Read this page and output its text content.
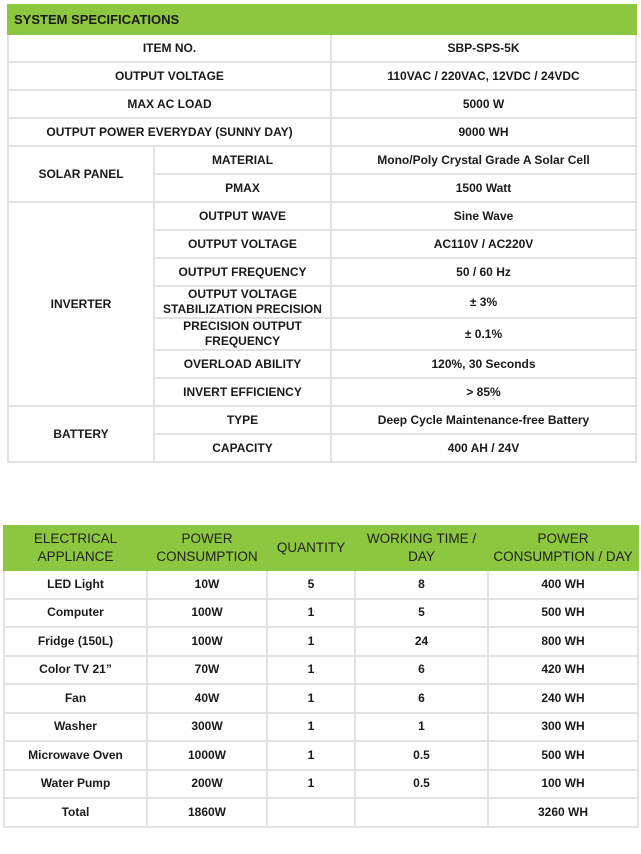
SYSTEM SPECIFICATIONS		
ITEM NO.		SBP-SPS-5K
OUTPUT VOLTAGE		110VAC / 220VAC, 12VDC / 24VDC
MAX AC LOAD		5000 W
OUTPUT POWER EVERYDAY (SUNNY DAY)		9000 WH
SOLAR PANEL	MATERIAL	Mono/Poly Crystal Grade A Solar Cell
	PMAX	1500 Watt
INVERTER	OUTPUT WAVE	Sine Wave
	OUTPUT VOLTAGE	AC110V / AC220V
	OUTPUT FREQUENCY	50 / 60 Hz
	OUTPUT VOLTAGE STABILIZATION PRECISION	± 3%
	PRECISION OUTPUT FREQUENCY	± 0.1%
	OVERLOAD ABILITY	120%, 30 Seconds
	INVERT EFFICIENCY	> 85%
BATTERY	TYPE	Deep Cycle Maintenance-free Battery
	CAPACITY	400 AH / 24V
ELECTRICAL APPLIANCE	POWER CONSUMPTION	QUANTITY	WORKING TIME / DAY	POWER CONSUMPTION / DAY
LED Light	10W	5	8	400 WH
Computer	100W	1	5	500 WH
Fridge (150L)	100W	1	24	800 WH
Color TV 21”	70W	1	6	420 WH
Fan	40W	1	6	240 WH
Washer	300W	1	1	300 WH
Microwave Oven	1000W	1	0.5	500 WH
Water Pump	200W	1	0.5	100 WH
Total	1860W			3260 WH
